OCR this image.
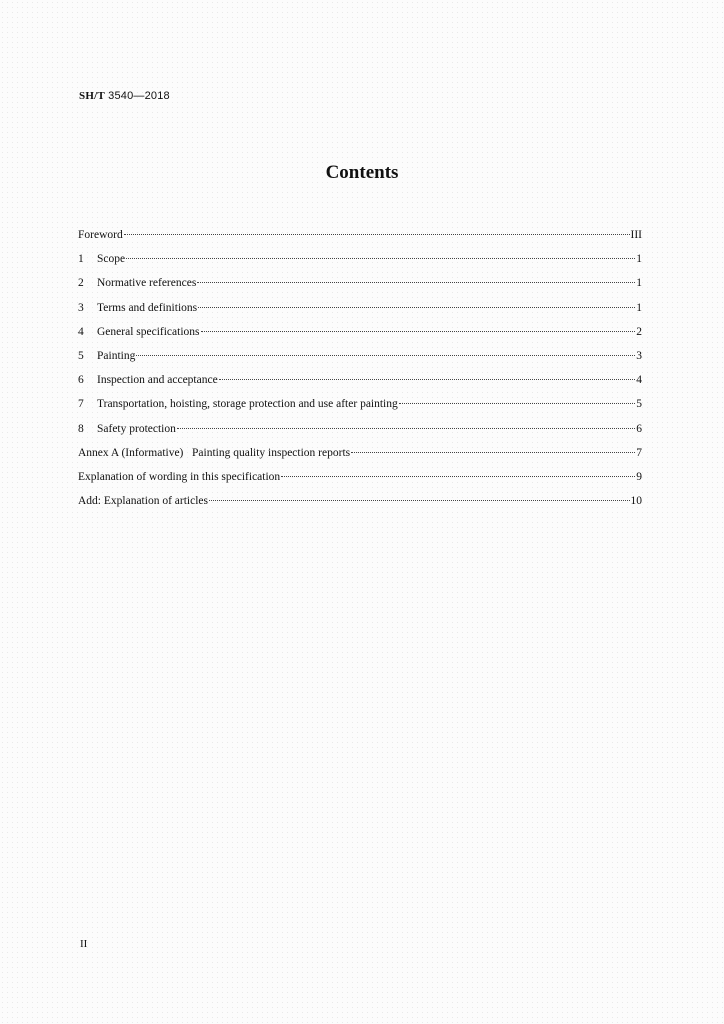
SH/T 3540—2018
Contents
Foreword	III
1	Scope	1
2	Normative references	1
3	Terms and definitions	1
4	General specifications	2
5	Painting	3
6	Inspection and acceptance	4
7	Transportation, hoisting, storage protection and use after painting	5
8	Safety protection	6
Annex A (Informative)   Painting quality inspection reports	7
Explanation of wording in this specification	9
Add: Explanation of articles	10
II
